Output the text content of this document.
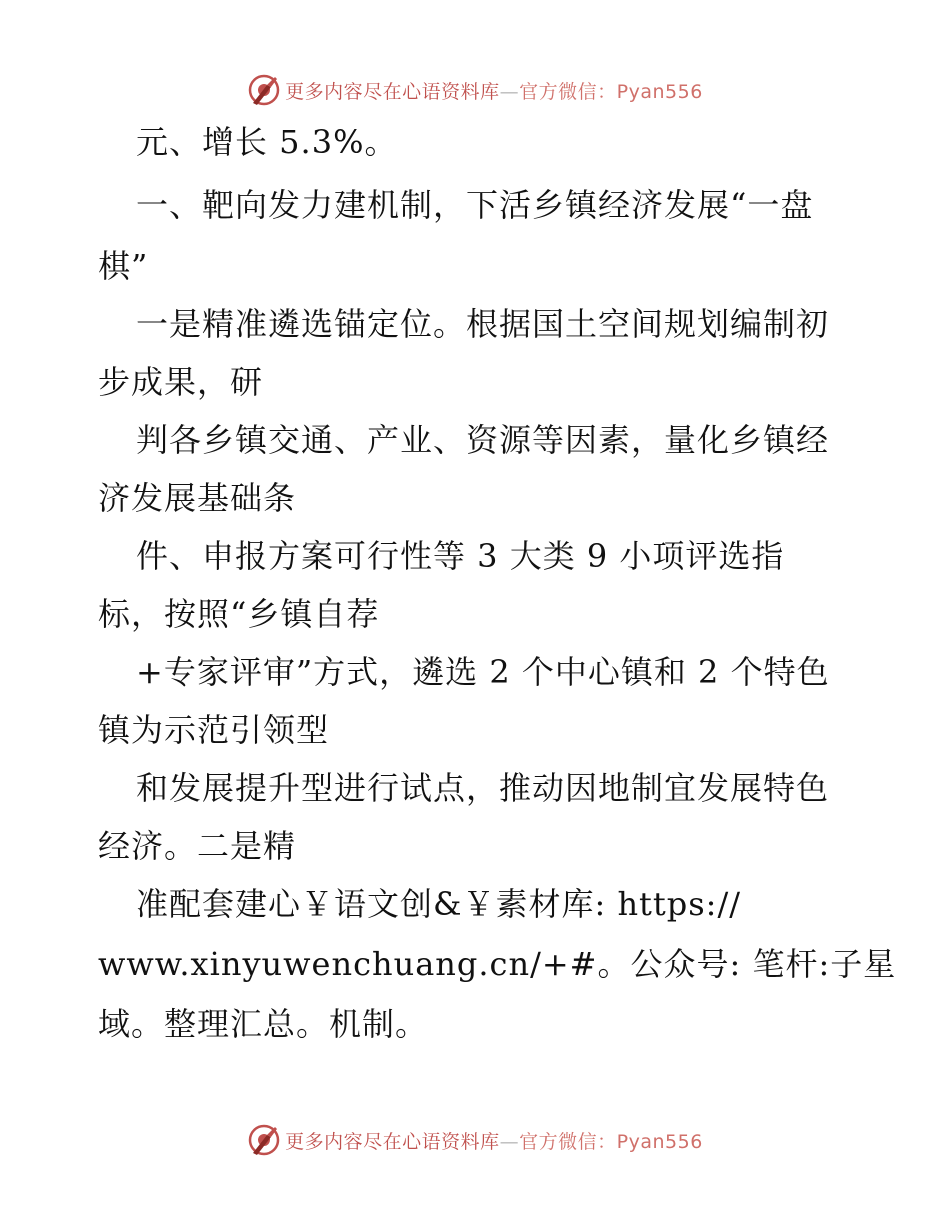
更多内容尽在心语资料库—官方微信：Pyan556
元、增长 5.3%。
一、靶向发力建机制，下活乡镇经济发展“一盘
棋”
一是精准遴选锚定位。根据国土空间规划编制初
步成果，研
判各乡镇交通、产业、资源等因素，量化乡镇经
济发展基础条
件、申报方案可行性等 3 大类 9 小项评选指
标，按照“乡镇自荐
+专家评审”方式，遴选 2 个中心镇和 2 个特色
镇为示范引领型
和发展提升型进行试点，推动因地制宜发展特色
经济。二是精
准配套建心￥语文创&￥素材库: https://
www.xinyuwenchuang.cn/+#。公众号: 笔杆:子星
域。整理汇总。机制。
更多内容尽在心语资料库—官方微信：Pyan556
